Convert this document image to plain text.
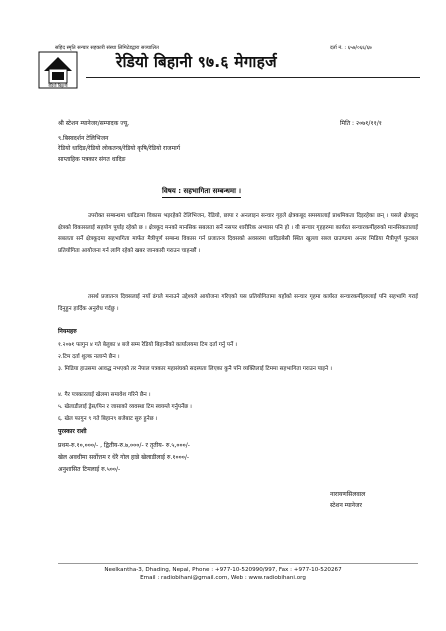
सहिद स्मृति सन्चार सहकारी संस्था लिमिटेडद्वारा सञ्चालित	दर्ता नं. : ६५७/०६६/६७
रेडियो बिहानी
रेडियो बिहानी ९७.६ मेगाहर्ज
श्री स्टेशन म्यानेजर/सम्पादक ज्यू,	मिति : २०७१/११/१
९.बिस्वदर्शन टेलिभिजन
रेडियो धादिङ/रेडियो लोकतन्त्र/रेडियो कृषि/रेडियो राजमार्ग
साप्ताहिक पत्रकार संगत धादिङ
विषय : सहभागिता सम्बन्धमा ।
उपरोक्त सम्बन्धमा धादिङमा विकास भइरहेको टेलिभिजन, रेडियो, छापा र अनलाइन सन्चार गृहले क्षेत्रकबूद समस्यालाई प्राथमिकता दिइरहेका छन् । यसले क्षेत्रकूद क्षेत्रको विकासलाई सहयोग पुर्याइ रहेको छ । क्षेत्रकूद मनको मानसिक सबलता सर्ने नसपर शारीरिक अभ्यास पनि हो । यी सन्चार गृहहरुमा कार्यरत सन्चारकर्मीहरुको मानसिकतालाई सबलता सर्ने क्षेत्रकूदमा सहभागिता मार्फत मैत्रीपूर्ण सम्बन्ध विकास गर्न प्रजातन्त्र दिवसको अवसरमा धादिङबेसी स्थित खुल्ला सब्ज ग्राउण्डमा अन्तर मिडिया मैत्रीपूर्ण फुटबल प्रतियोगिता आयोजना गर्न लागि रहेको खबर जानकारी गराउन चाहन्छौं ।
तसर्थ प्रजातन्त्र दिवसलाई नयाँ ढंगले मनाउने उद्देश्यले आयोजना गरिएको यस प्रतियोगितामा यहाँको सन्चार गृहमा कार्यरत सन्चारकर्मीहरुलाई पनि सहभागि गराई दिनुहुन हार्दिक अनुरोध गर्दछु ।
नियमहरु
१.२०७१ फागुन ४ गते बेलुका ४ बजे सम्म रेडियो बिहानीको कार्यालयमा टिम दर्ता गर्नु पर्ने ।
२.टिम दर्ता शुल्क नलाग्ने छैन ।
३. मिडिया हाउसमा आवद्ध नभएको तर नेपाल पत्रकार महासंघको सदस्यता लिएका कुनै पनि व्यक्तिलाई टिममा सहभागिता गराउन पाइने ।
४. गैर पत्रकारलाई खेलमा समावेश गरिने छैन ।
५. खेलाडीलाई ड्रेस/पिन र जासाको व्यवस्था टिम स्वयम्ले गर्नुपर्नेछ ।
६. खेल फागुन ९ गते बिहान९ बजेबाट सुरु हुनेछ ।
पुरस्कार राशी
प्रथम-रु.१०,०००/- , द्वितीय-रु.७,०००/- र तृतीय- रु.५,०००/-
खेल अवधीमा सर्वोत्तम र धेरै गोल हान्ने खेलाडीलाई रु.१०००/-
अनुशासित टिमलाई रु.५००/-
नारायणसिलवाल
स्टेशन म्यानेजर
Neelkantha-3, Dhading, Nepal, Phone : +977-10-520990/997, Fax : +977-10-520267
Email : radiobihani@gmail.com, Web : www.radiobihani.org
